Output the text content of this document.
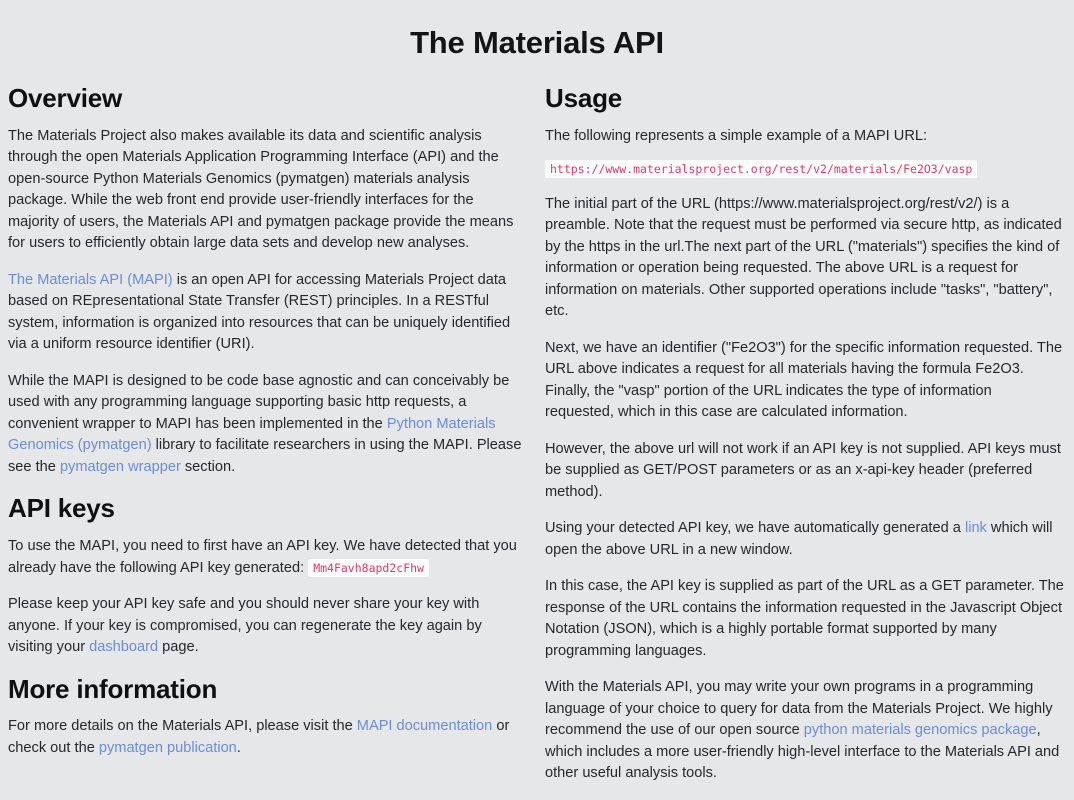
The Materials API
Overview

The Materials Project also makes available its data and scientific analysis through the open Materials Application Programming Interface (API) and the open-source Python Materials Genomics (pymatgen) materials analysis package. While the web front end provide user-friendly interfaces for the majority of users, the Materials API and pymatgen package provide the means for users to efficiently obtain large data sets and develop new analyses.

The Materials API (MAPI) is an open API for accessing Materials Project data based on REpresentational State Transfer (REST) principles. In a RESTful system, information is organized into resources that can be uniquely identified via a uniform resource identifier (URI).

While the MAPI is designed to be code base agnostic and can conceivably be used with any programming language supporting basic http requests, a convenient wrapper to MAPI has been implemented in the Python Materials Genomics (pymatgen) library to facilitate researchers in using the MAPI. Please see the pymatgen wrapper section.

API keys

To use the MAPI, you need to first have an API key. We have detected that you already have the following API key generated: Mm4Favh8apd2cFhw

Please keep your API key safe and you should never share your key with anyone. If your key is compromised, you can regenerate the key again by visiting your dashboard page.

More information

For more details on the Materials API, please visit the MAPI documentation or check out the pymatgen publication.

Usage

The following represents a simple example of a MAPI URL:

https://www.materialsproject.org/rest/v2/materials/Fe2O3/vasp

The initial part of the URL (https://www.materialsproject.org/rest/v2/) is a preamble. Note that the request must be performed via secure http, as indicated by the https in the url.The next part of the URL ("materials") specifies the kind of information or operation being requested. The above URL is a request for information on materials. Other supported operations include "tasks", "battery", etc.

Next, we have an identifier ("Fe2O3") for the specific information requested. The URL above indicates a request for all materials having the formula Fe2O3. Finally, the "vasp" portion of the URL indicates the type of information requested, which in this case are calculated information.

However, the above url will not work if an API key is not supplied. API keys must be supplied as GET/POST parameters or as an x-api-key header (preferred method).

Using your detected API key, we have automatically generated a link which will open the above URL in a new window.

In this case, the API key is supplied as part of the URL as a GET parameter. The response of the URL contains the information requested in the Javascript Object Notation (JSON), which is a highly portable format supported by many programming languages.

With the Materials API, you may write your own programs in a programming language of your choice to query for data from the Materials Project. We highly recommend the use of our open source python materials genomics package, which includes a more user-friendly high-level interface to the Materials API and other useful analysis tools.
